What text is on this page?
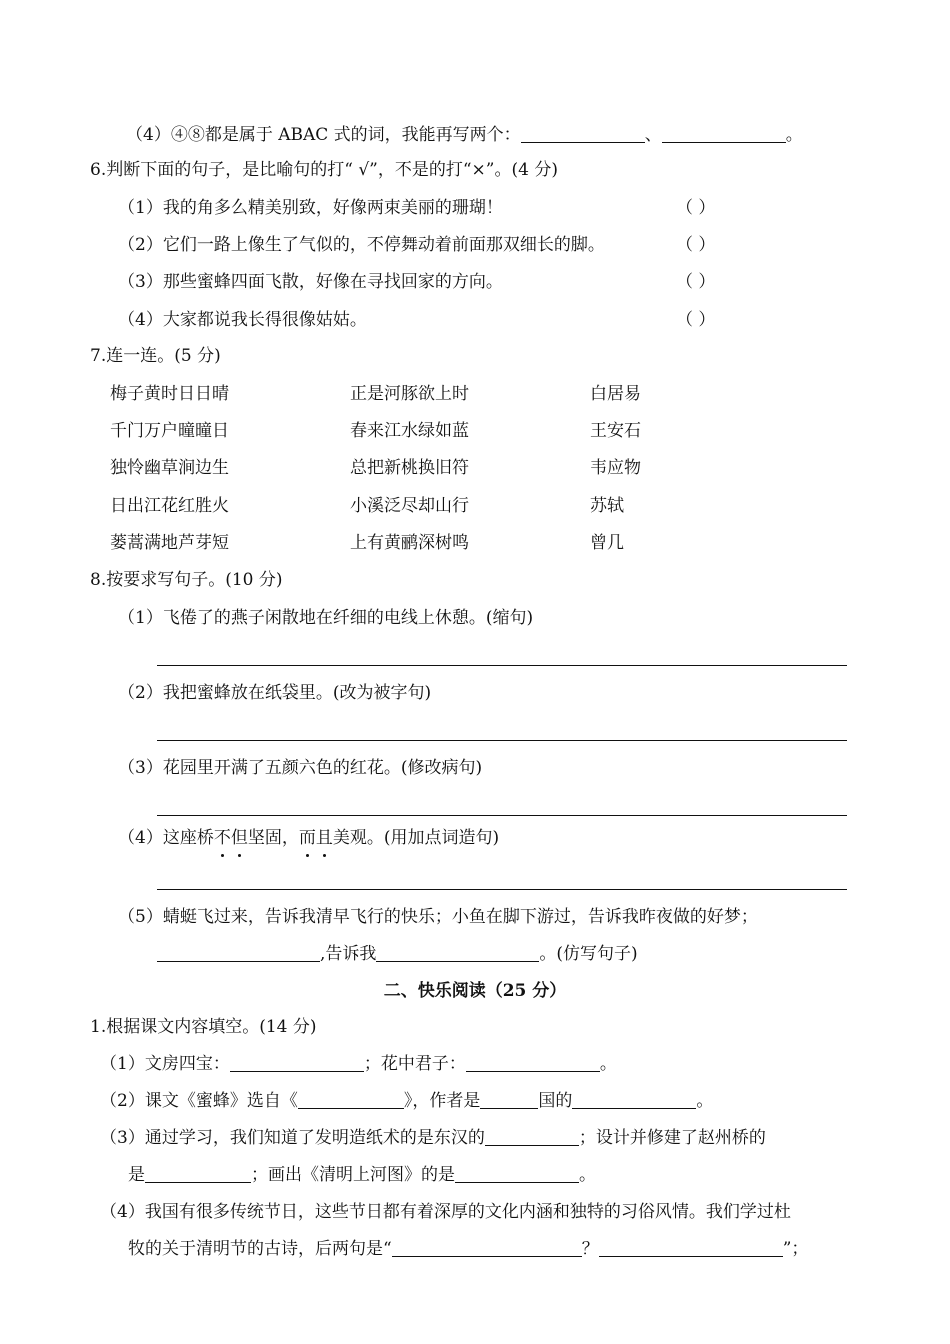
（4）④⑧都是属于 ABAC 式的词，我能再写两个：	、	。
6.判断下面的句子，是比喻句的打“ √”，不是的打“×”。(4 分)
（1）我的角多么精美别致，好像两束美丽的珊瑚！	（ ）
（2）它们一路上像生了气似的，不停舞动着前面那双细长的脚。	（ ）
（3）那些蜜蜂四面飞散，好像在寻找回家的方向。	（ ）
（4）大家都说我长得很像姑姑。	（ ）
7.连一连。(5 分)
梅子黄时日日晴	正是河豚欲上时	白居易
千门万户曈曈日	春来江水绿如蓝	王安石
独怜幽草涧边生	总把新桃换旧符	韦应物
日出江花红胜火	小溪泛尽却山行	苏轼
蒌蒿满地芦芽短	上有黄鹂深树鸣	曾几
8.按要求写句子。(10 分)
（1）飞倦了的燕子闲散地在纤细的电线上休憩。(缩句)
（2）我把蜜蜂放在纸袋里。(改为被字句)
（3）花园里开满了五颜六色的红花。(修改病句)
（4）这座桥不但坚固，而且美观。(用加点词造句)
（5）蜻蜓飞过来，告诉我清早飞行的快乐；小鱼在脚下游过，告诉我昨夜做的好梦；
,告诉我	。(仿写句子)
二、快乐阅读（25 分）
1.根据课文内容填空。(14 分)
（1）文房四宝：	；花中君子：	。
（2）课文《蜜蜂》选自《	》，作者是	国的	。
（3）通过学习，我们知道了发明造纸术的是东汉的	；设计并修建了赵州桥的
是	；画出《清明上河图》的是	。
（4）我国有很多传统节日，这些节日都有着深厚的文化内涵和独特的习俗风情。我们学过杜
牧的关于清明节的古诗，后两句是“	？	”；
